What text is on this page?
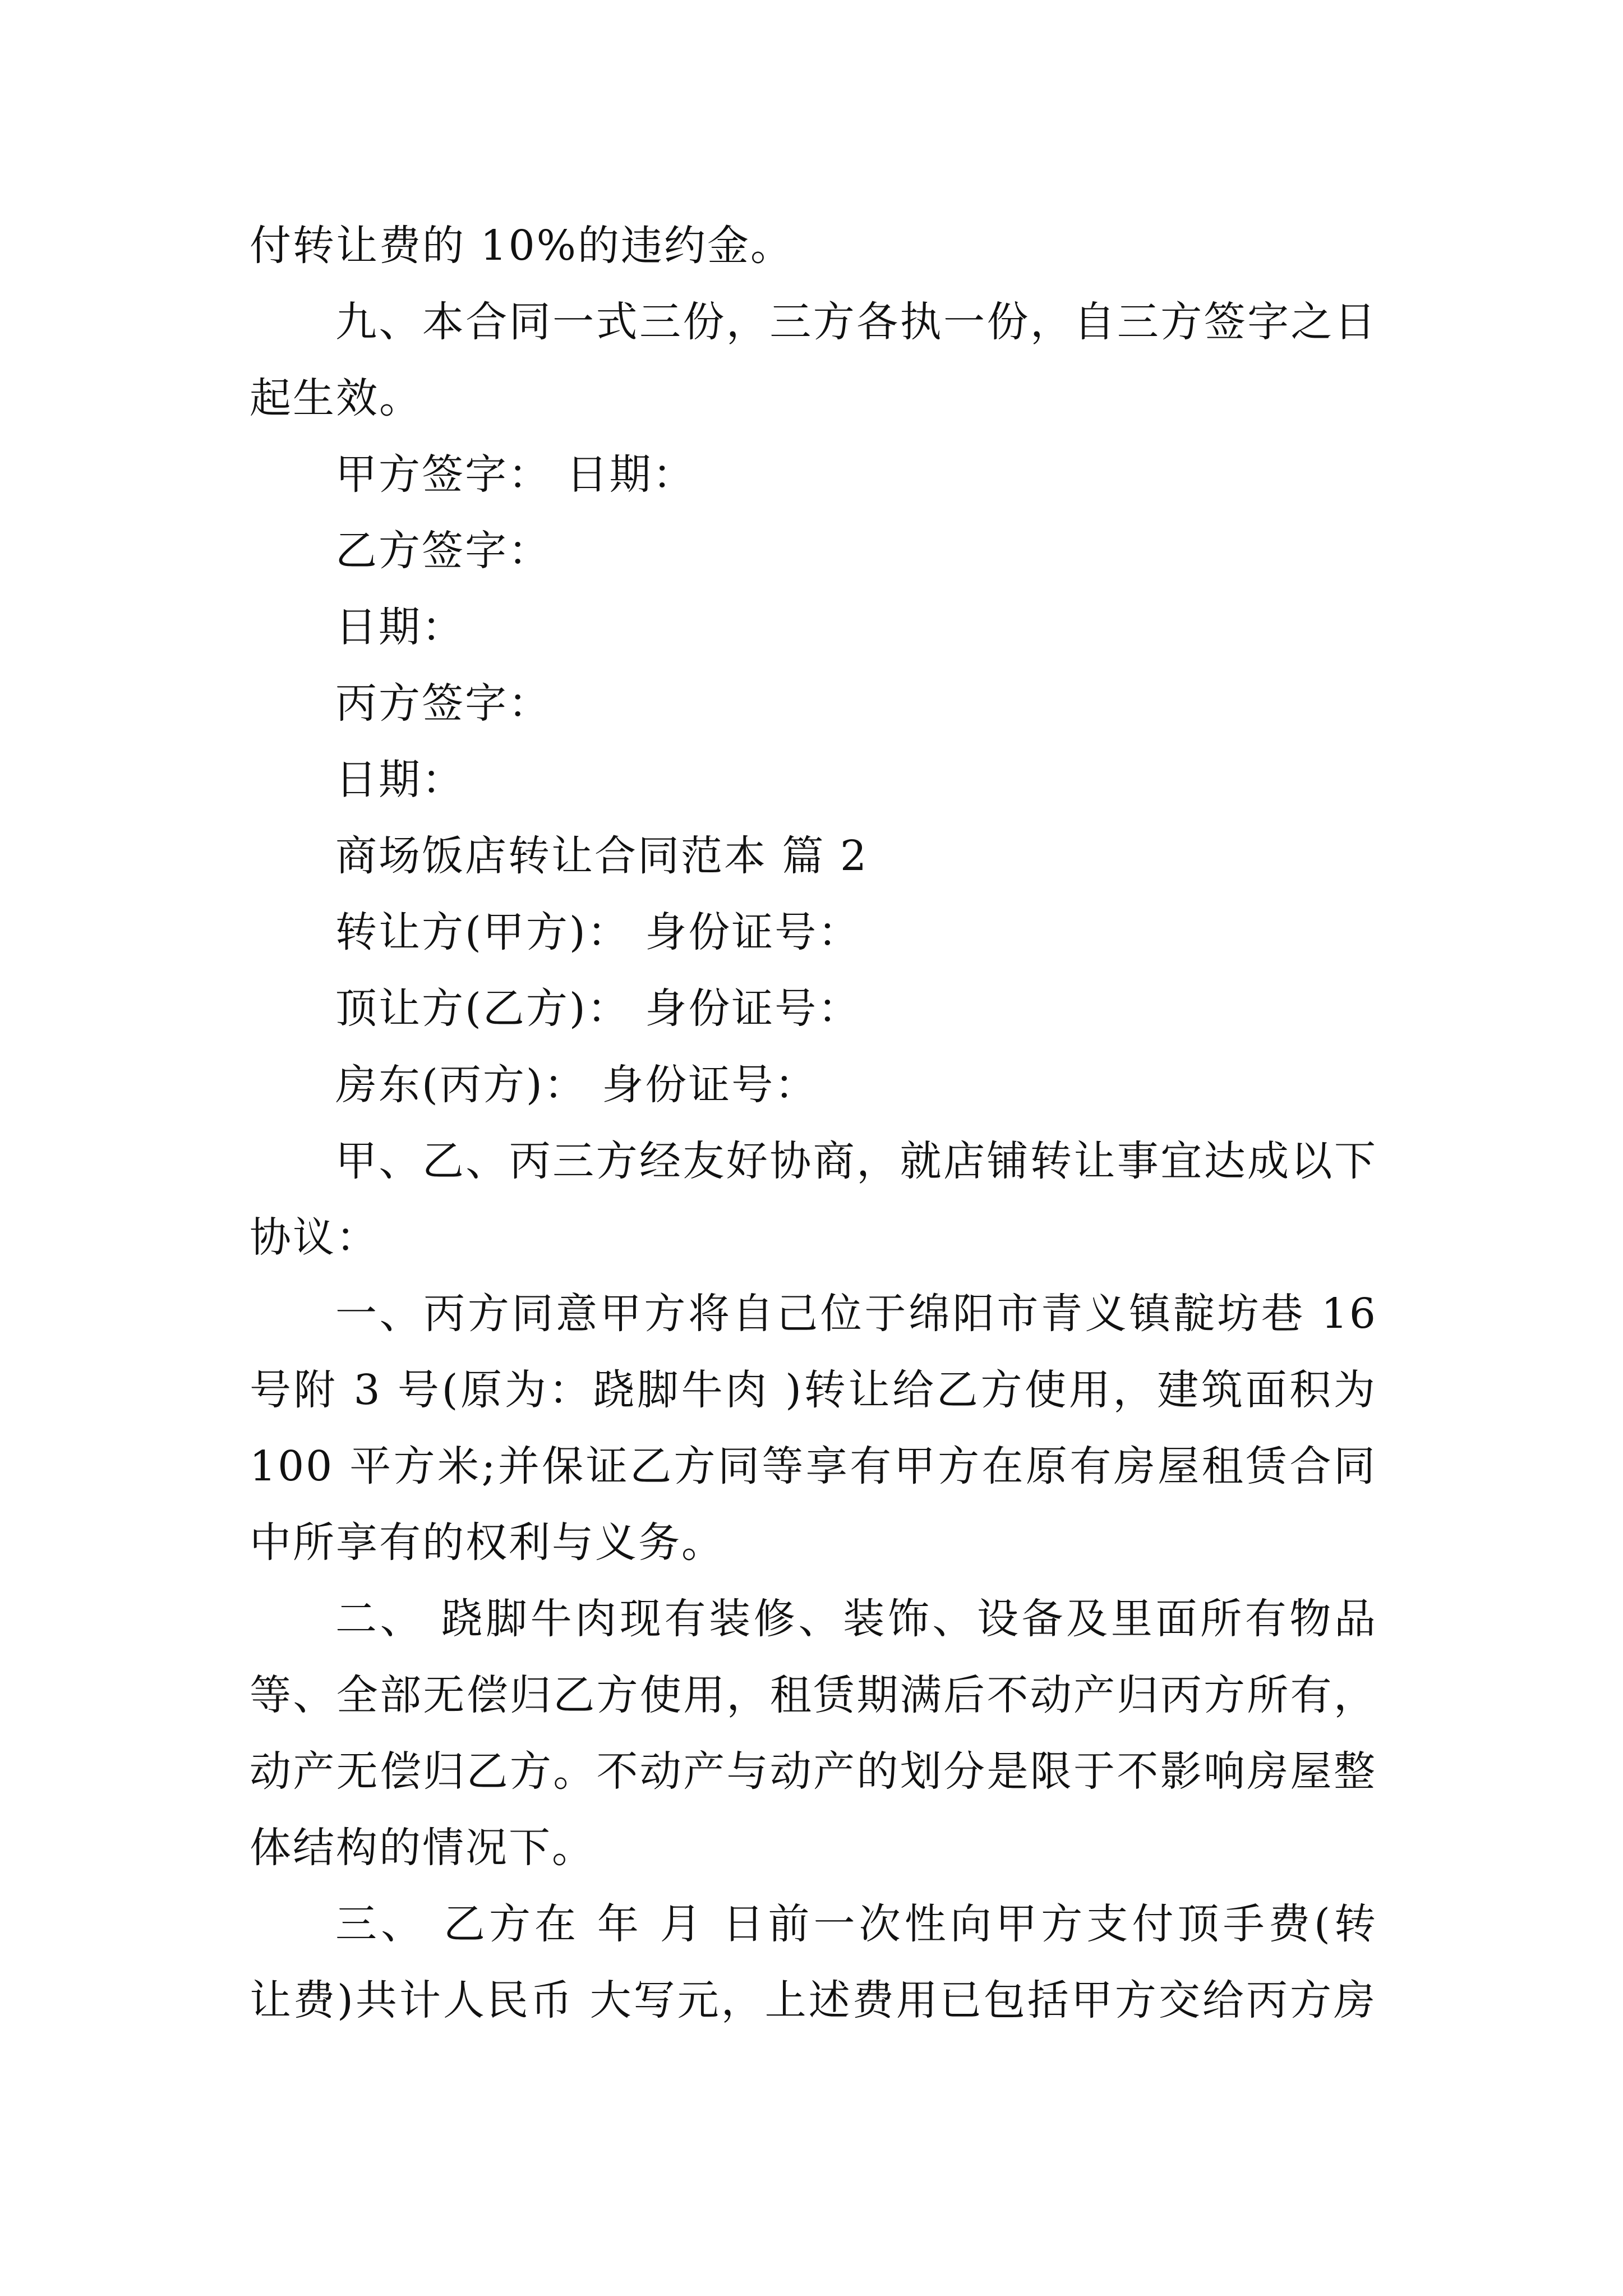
付转让费的 10%的违约金。

九、本合同一式三份，三方各执一份，自三方签字之日

起生效。

甲方签字： 日期：

乙方签字：

日期：

丙方签字：

日期：

商场饭店转让合同范本 篇 2

转让方(甲方)： 身份证号：

顶让方(乙方)： 身份证号：

房东(丙方)： 身份证号：

甲、乙、丙三方经友好协商，就店铺转让事宜达成以下

协议：

一、丙方同意甲方将自己位于绵阳市青义镇靛坊巷 16

号附 3 号(原为：跷脚牛肉 )转让给乙方使用，建筑面积为

100 平方米;并保证乙方同等享有甲方在原有房屋租赁合同

中所享有的权利与义务。

二、 跷脚牛肉现有装修、装饰、设备及里面所有物品

等、全部无偿归乙方使用，租赁期满后不动产归丙方所有，

动产无偿归乙方。不动产与动产的划分是限于不影响房屋整

体结构的情况下。

三、 乙方在 年 月 日前一次性向甲方支付顶手费(转

让费)共计人民币 大写元，上述费用已包括甲方交给丙方房
